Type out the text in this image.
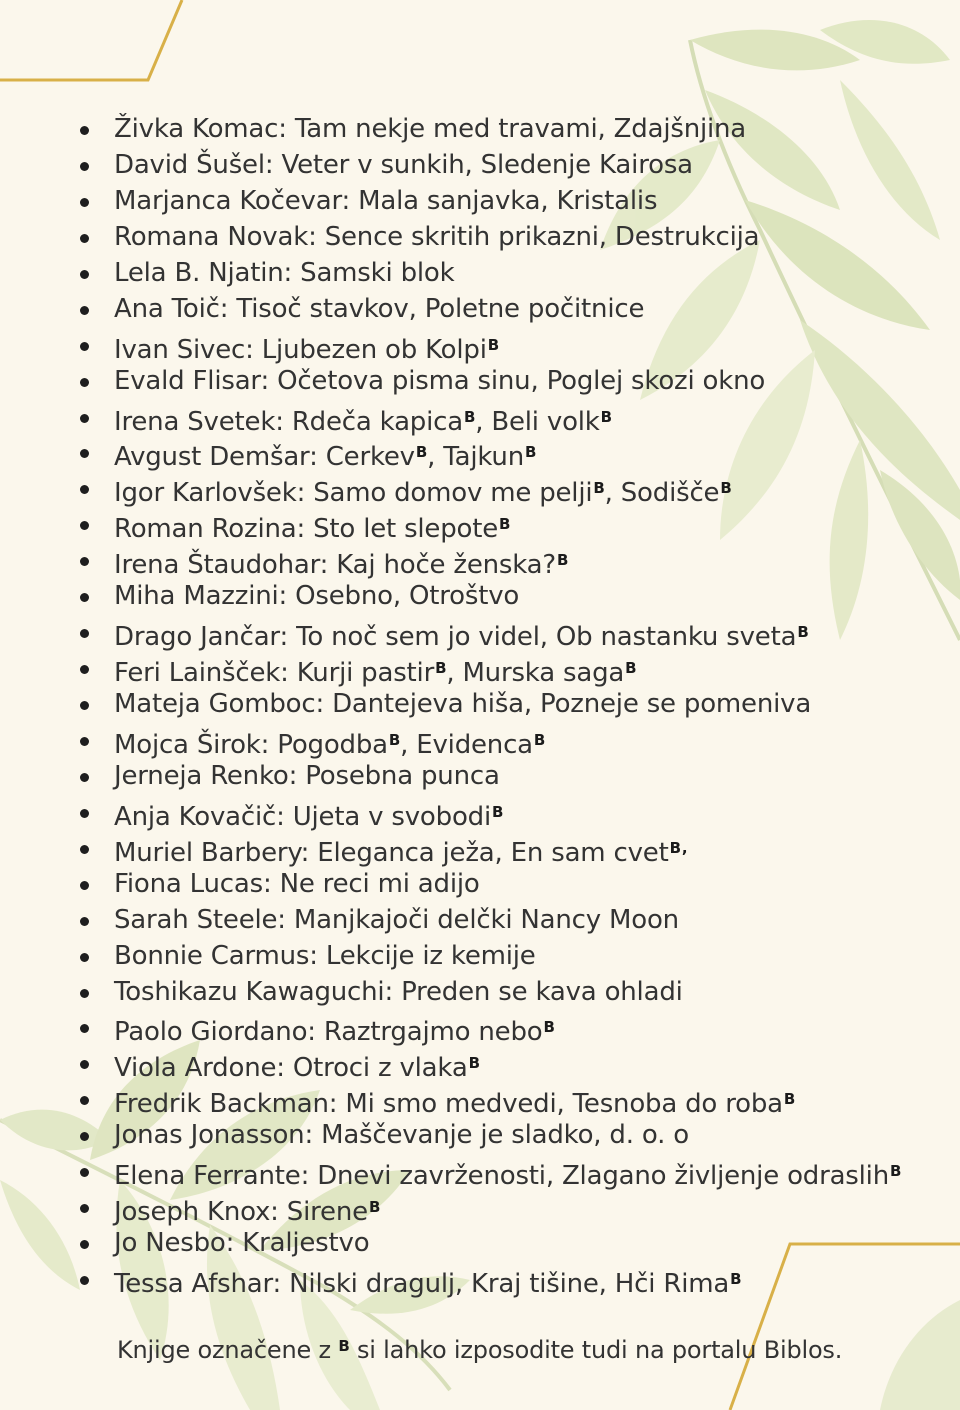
Živka Komac: Tam nekje med travami, Zdajšnjina
David Šušel: Veter v sunkih, Sledenje Kairosa
Marjanca Kočevar: Mala sanjavka, Kristalis
Romana Novak: Sence skritih prikazni, Destrukcija
Lela B. Njatin: Samski blok
Ana Toič: Tisoč stavkov, Poletne počitnice
Ivan Sivec: Ljubezen ob Kolpi$^B$
Evald Flisar: Očetova pisma sinu, Poglej skozi okno
Irena Svetek: Rdeča kapica$^B$, Beli volk$^B$
Avgust Demšar: Cerkev$^B$, Tajkun$^B$
Igor Karlovšek: Samo domov me pelji$^B$, Sodišče$^B$
Roman Rozina: Sto let slepote$^B$
Irena Štaudohar: Kaj hoče ženska?$^B$
Miha Mazzini: Osebno, Otroštvo
Drago Jančar: To noč sem jo videl, Ob nastanku sveta$^B$
Feri Lainšček: Kurji pastir$^B$, Murska saga$^B$
Mateja Gomboc: Dantejeva hiša, Pozneje se pomeniva
Mojca Širok: Pogodba$^B$, Evidenca$^B$
Jerneja Renko: Posebna punca
Anja Kovačič: Ujeta v svobodi$^B$
Muriel Barbery: Eleganca ježa, En sam cvet$^{B,}$
Fiona Lucas: Ne reci mi adijo
Sarah Steele: Manjkajoči delčki Nancy Moon
Bonnie Carmus: Lekcije iz kemije
Toshikazu Kawaguchi: Preden se kava ohladi
Paolo Giordano: Raztrgajmo nebo$^B$
Viola Ardone: Otroci z vlaka$^B$
Fredrik Backman: Mi smo medvedi, Tesnoba do roba$^B$
Jonas Jonasson: Maščevanje je sladko, d. o. o
Elena Ferrante: Dnevi zavrženosti, Zlagano življenje odraslih$^B$
Joseph Knox: Sirene$^B$
Jo Nesbo: Kraljestvo
Tessa Afshar: Nilski dragulj, Kraj tišine, Hči Rima$^B$
Knjige označene z $^B$ si lahko izposodite tudi na portalu Biblos.
